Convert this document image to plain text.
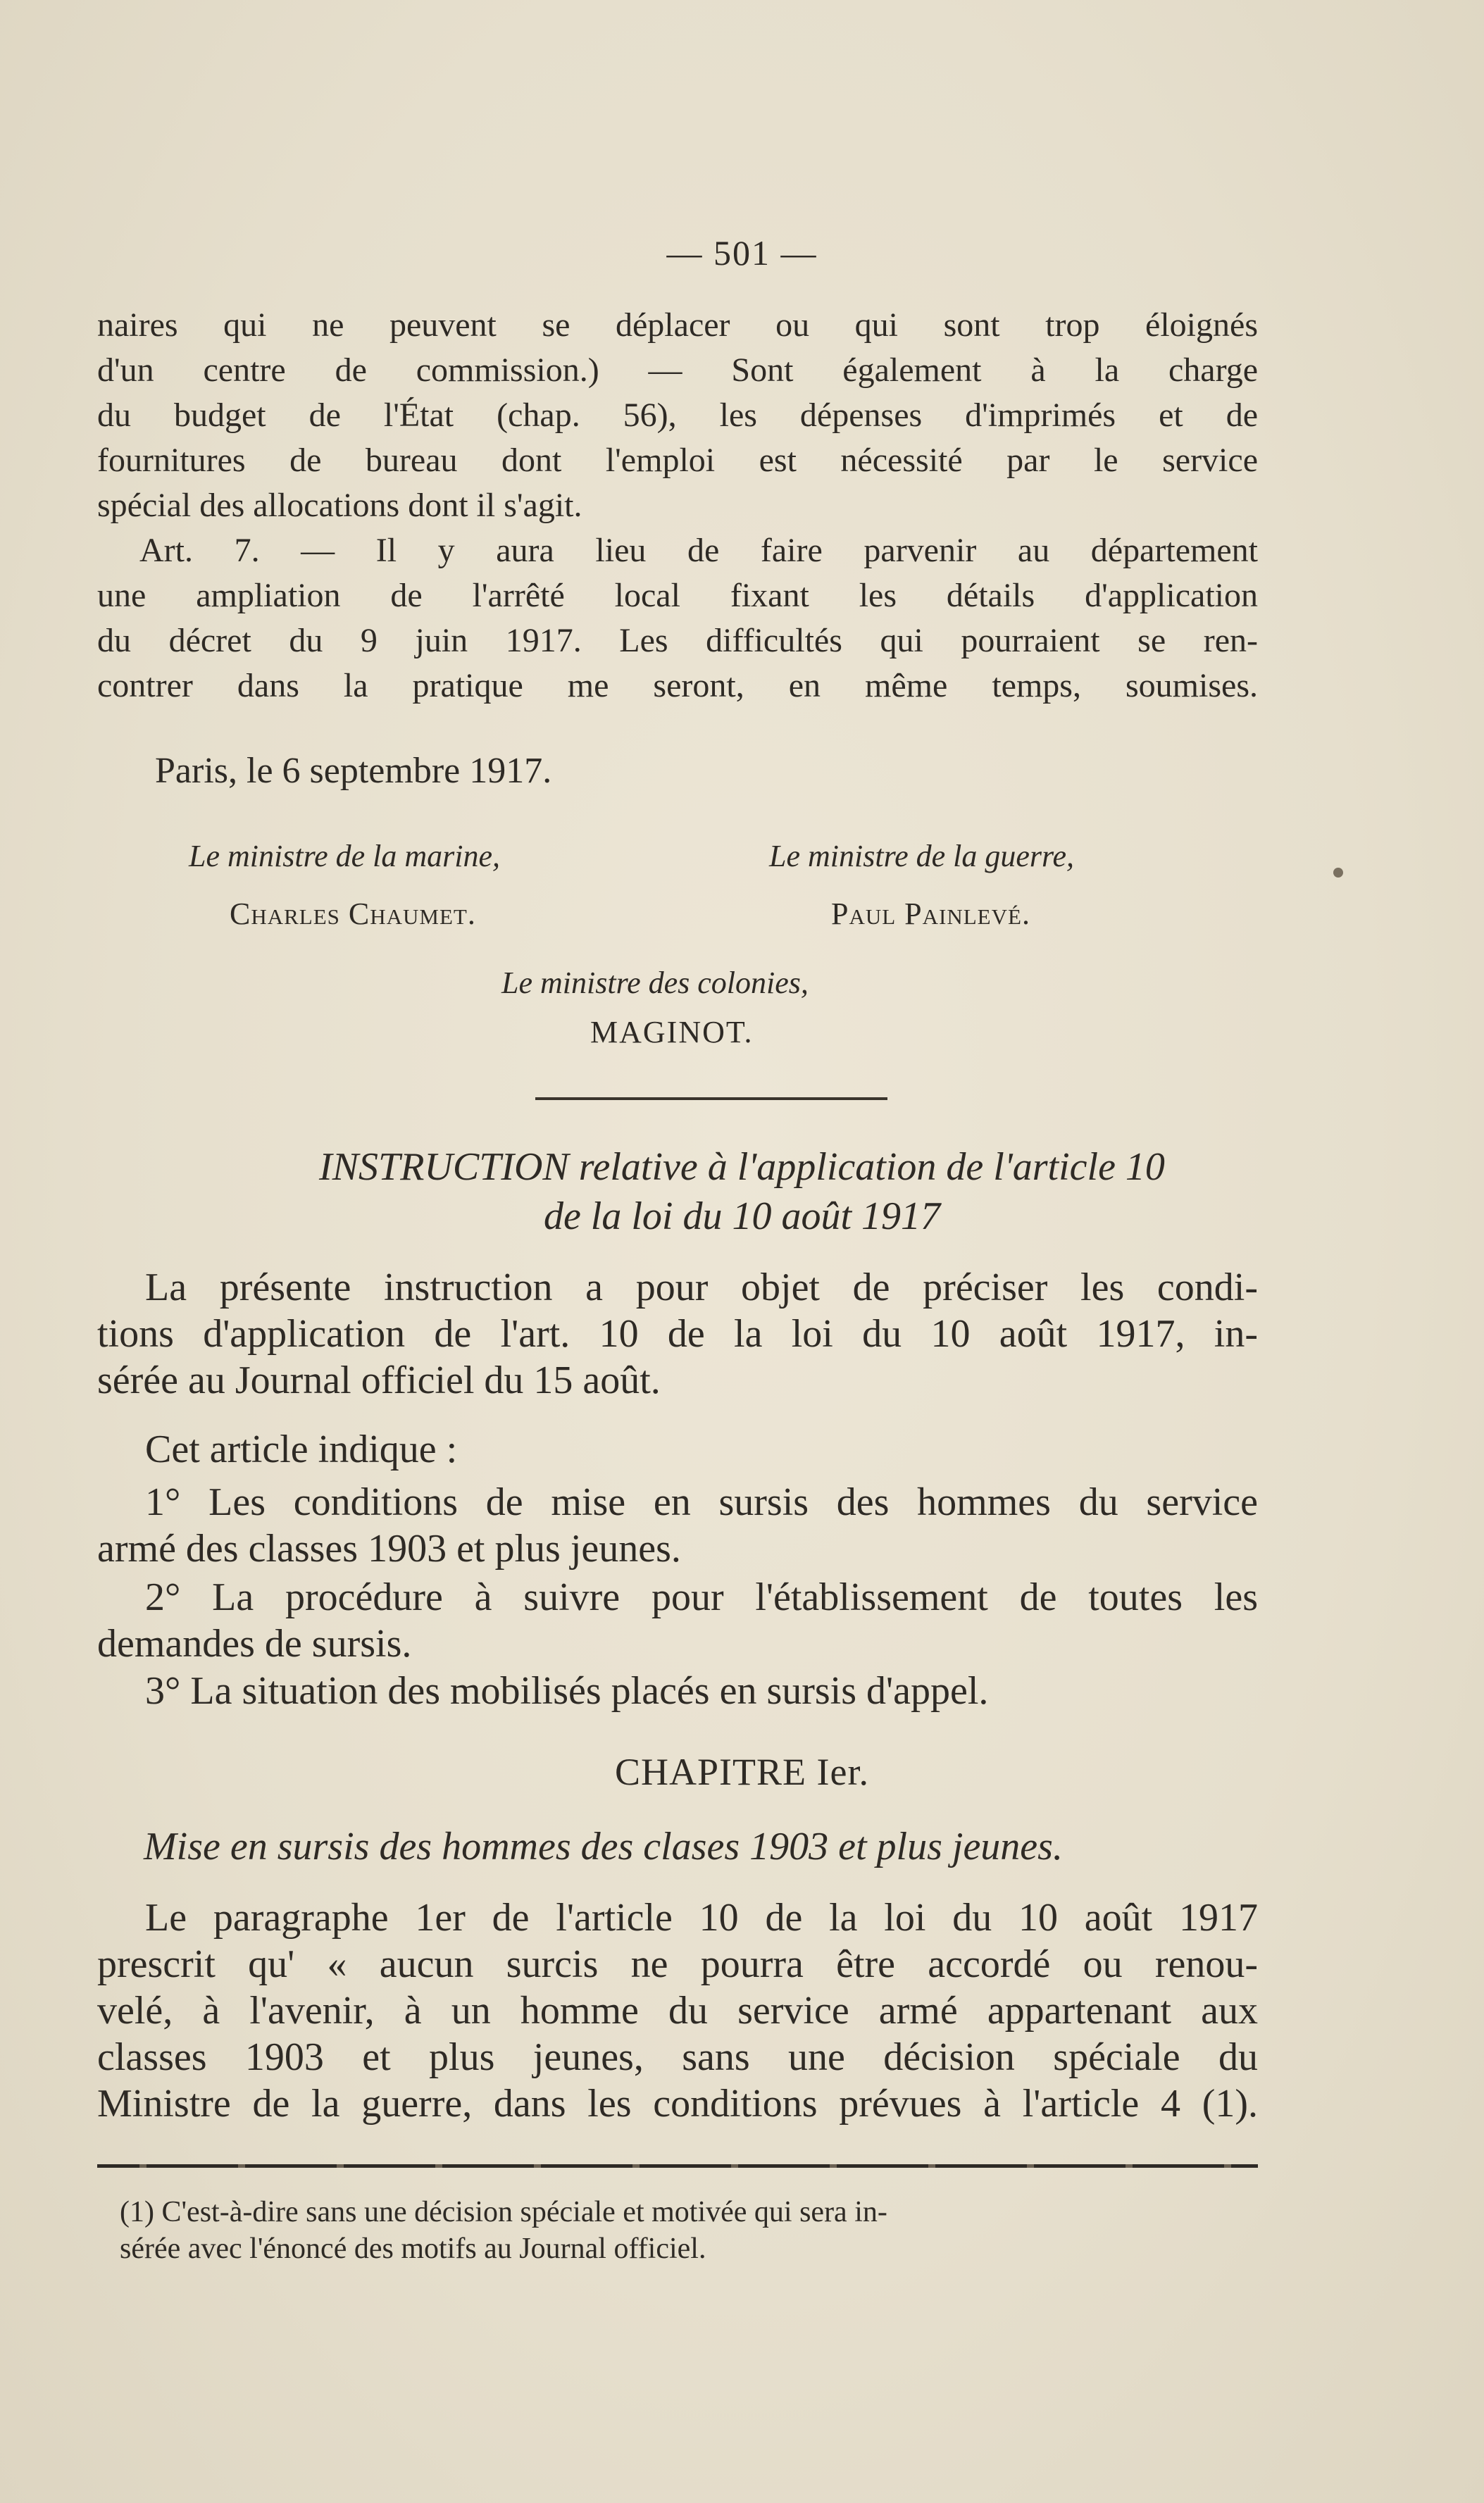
— 501 —
naires qui ne peuvent se déplacer ou qui sont trop éloignés
d'un centre de commission.) — Sont également à la charge
du budget de l'État (chap. 56), les dépenses d'imprimés et de
fournitures de bureau dont l'emploi est nécessité par le service
spécial des allocations dont il s'agit.
Art. 7. — Il y aura lieu de faire parvenir au département
une ampliation de l'arrêté local fixant les détails d'application
du décret du 9 juin 1917. Les difficultés qui pourraient se ren-
contrer dans la pratique me seront, en même temps, soumises.
Paris, le 6 septembre 1917.
Le ministre de la marine,
Charles Chaumet.
Le ministre de la guerre,
Paul Painlevé.
Le ministre des colonies,
MAGINOT.
INSTRUCTION relative à l'application de l'article 10
de la loi du 10 août 1917
La présente instruction a pour objet de préciser les condi-
tions d'application de l'art. 10 de la loi du 10 août 1917, in-
sérée au Journal officiel du 15 août.
Cet article indique :
1° Les conditions de mise en sursis des hommes du service
armé des classes 1903 et plus jeunes.
2° La procédure à suivre pour l'établissement de toutes les
demandes de sursis.
3° La situation des mobilisés placés en sursis d'appel.
CHAPITRE Ier.
Mise en sursis des hommes des clases 1903 et plus jeunes.
Le paragraphe 1er de l'article 10 de la loi du 10 août 1917
prescrit qu' « aucun surcis ne pourra être accordé ou renou-
velé, à l'avenir, à un homme du service armé appartenant aux
classes 1903 et plus jeunes, sans une décision spéciale du
Ministre de la guerre, dans les conditions prévues à l'article 4 (1).
(1) C'est-à-dire sans une décision spéciale et motivée qui sera in-
sérée avec l'énoncé des motifs au Journal officiel.
